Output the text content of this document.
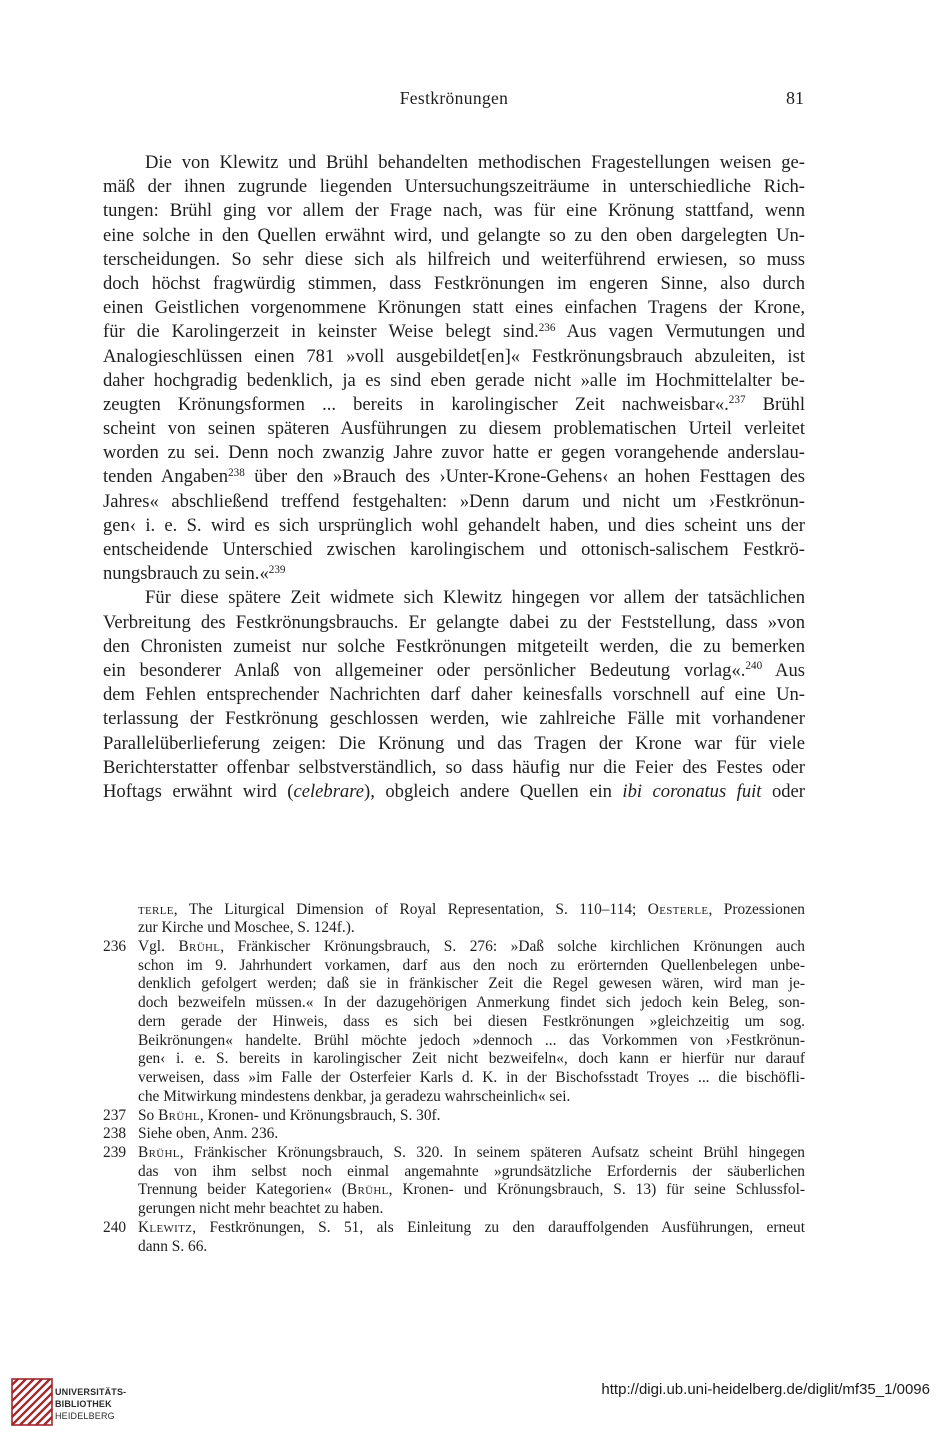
Festkrönungen	81
Die von Klewitz und Brühl behandelten methodischen Fragestellungen weisen ge-
mäß der ihnen zugrunde liegenden Untersuchungszeiträume in unterschiedliche Rich-
tungen: Brühl ging vor allem der Frage nach, was für eine Krönung stattfand, wenn
eine solche in den Quellen erwähnt wird, und gelangte so zu den oben dargelegten Un-
terscheidungen. So sehr diese sich als hilfreich und weiterführend erwiesen, so muss
doch höchst fragwürdig stimmen, dass Festkrönungen im engeren Sinne, also durch
einen Geistlichen vorgenommene Krönungen statt eines einfachen Tragens der Krone,
für die Karolingerzeit in keinster Weise belegt sind.$^{236}$ Aus vagen Vermutungen und
Analogieschlüssen einen 781 »voll ausgebildet[en]« Festkrönungsbrauch abzuleiten, ist
daher hochgradig bedenklich, ja es sind eben gerade nicht »alle im Hochmittelalter be-
zeugten Krönungsformen ... bereits in karolingischer Zeit nachweisbar«.$^{237}$ Brühl
scheint von seinen späteren Ausführungen zu diesem problematischen Urteil verleitet
worden zu sei. Denn noch zwanzig Jahre zuvor hatte er gegen vorangehende anderslau-
tenden Angaben$^{238}$ über den »Brauch des ›Unter-Krone-Gehens‹ an hohen Festtagen des
Jahres« abschließend treffend festgehalten: »Denn darum und nicht um ›Festkrönun-
gen‹ i. e. S. wird es sich ursprünglich wohl gehandelt haben, und dies scheint uns der
entscheidende Unterschied zwischen karolingischem und ottonisch-salischem Festkrö-
nungsbrauch zu sein.«$^{239}$
Für diese spätere Zeit widmete sich Klewitz hingegen vor allem der tatsächlichen
Verbreitung des Festkrönungsbrauchs. Er gelangte dabei zu der Feststellung, dass »von
den Chronisten zumeist nur solche Festkrönungen mitgeteilt werden, die zu bemerken
ein besonderer Anlaß von allgemeiner oder persönlicher Bedeutung vorlag«.$^{240}$ Aus
dem Fehlen entsprechender Nachrichten darf daher keinesfalls vorschnell auf eine Un-
terlassung der Festkrönung geschlossen werden, wie zahlreiche Fälle mit vorhandener
Parallelüberlieferung zeigen: Die Krönung und das Tragen der Krone war für viele
Berichterstatter offenbar selbstverständlich, so dass häufig nur die Feier des Festes oder
Hoftags erwähnt wird (celebrare), obgleich andere Quellen ein ibi coronatus fuit oder
terle, The Liturgical Dimension of Royal Representation, S. 110–114; Oesterle, Prozessionen
zur Kirche und Moschee, S. 124f.).
236 Vgl. Brühl, Fränkischer Krönungsbrauch, S. 276: »Daß solche kirchlichen Krönungen auch
schon im 9. Jahrhundert vorkamen, darf aus den noch zu erörternden Quellenbelegen unbe-
denklich gefolgert werden; daß sie in fränkischer Zeit die Regel gewesen wären, wird man je-
doch bezweifeln müssen.« In der dazugehörigen Anmerkung findet sich jedoch kein Beleg, son-
dern gerade der Hinweis, dass es sich bei diesen Festkrönungen »gleichzeitig um sog.
Beikrönungen« handelte. Brühl möchte jedoch »dennoch ... das Vorkommen von ›Festkrönun-
gen‹ i. e. S. bereits in karolingischer Zeit nicht bezweifeln«, doch kann er hierfür nur darauf
verweisen, dass »im Falle der Osterfeier Karls d. K. in der Bischofsstadt Troyes ... die bischöfli-
che Mitwirkung mindestens denkbar, ja geradezu wahrscheinlich« sei.
237 So Brühl, Kronen- und Krönungsbrauch, S. 30f.
238 Siehe oben, Anm. 236.
239 Brühl, Fränkischer Krönungsbrauch, S. 320. In seinem späteren Aufsatz scheint Brühl hingegen
das von ihm selbst noch einmal angemahnte »grundsätzliche Erfordernis der säuberlichen
Trennung beider Kategorien« (Brühl, Kronen- und Krönungsbrauch, S. 13) für seine Schlussfol-
gerungen nicht mehr beachtet zu haben.
240 Klewitz, Festkrönungen, S. 51, als Einleitung zu den darauffolgenden Ausführungen, erneut
dann S. 66.
UNIVERSITÄTS-
BIBLIOTHEK
HEIDELBERG
http://digi.ub.uni-heidelberg.de/diglit/mf35_1/0096
